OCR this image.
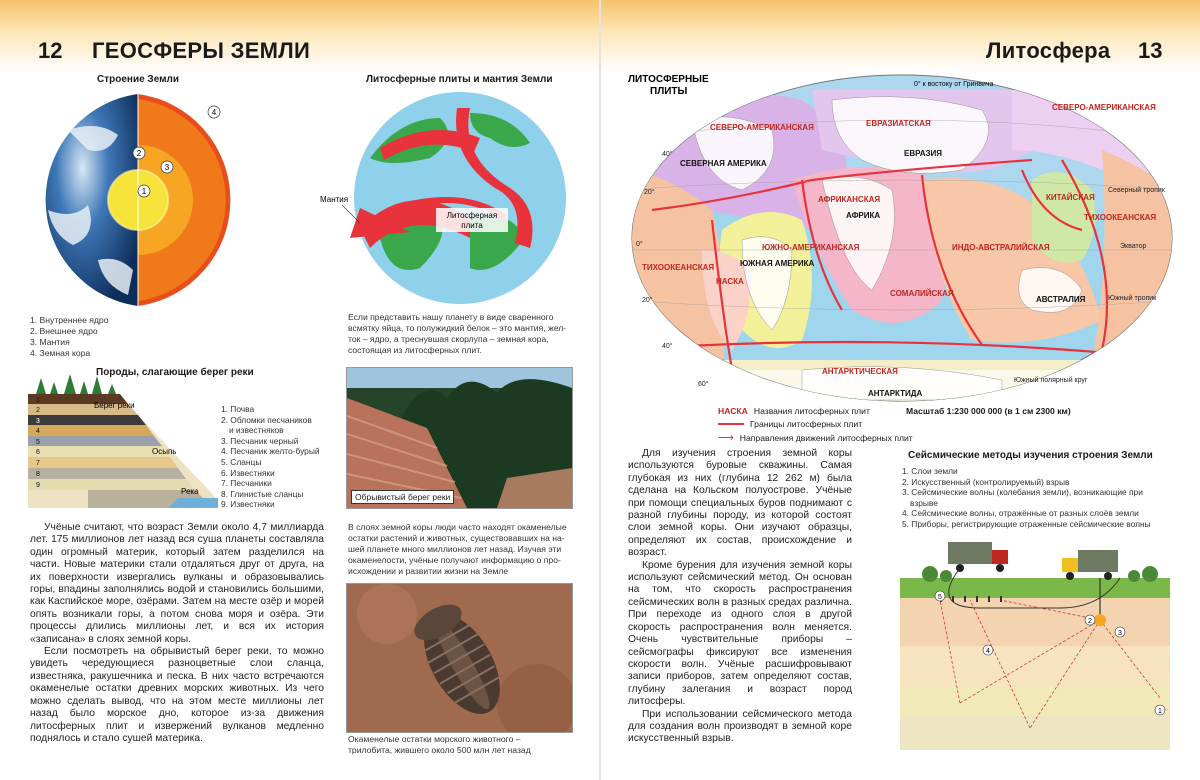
12 ГЕОСФЕРЫ ЗЕМЛИ
Строение Земли
1
2
3
4
1. Внутреннее ядро
2. Внешнее ядро
3. Мантия
4. Земная кора
Литосферные плиты и мантия Земли
Литосферная
плита
Мантия
Если представить нашу планету в виде сваренного
всмятку яйца, то полужидкий белок – это мантия, жел-
ток – ядро, а треснувшая скорлупа – земная кора,
состоящая из литосферных плит.
Породы, слагающие берег реки
1
2
3
4
5
6
7
8
9
Берег реки
Осыпь
Река
1. Почва
2. Обломки песчаников
и известняков
3. Песчаник черный
4. Песчаник желто-бурый
5. Сланцы
6. Известняки
7. Песчаники
8. Глинистые сланцы
9. Известняки
Обрывистый берег реки

Учёные считают, что возраст Земли около 4,7 миллиарда лет. 175 миллионов лет назад вся суша планеты составляла один огромный материк, который затем разделился на части. Новые материки стали отдаляться друг от друга, на их поверхности извергались вулканы и образовывались горы, впадины заполнялись водой и становились большими, как Каспийское море, озёрами. Затем на месте озёр и морей опять возникали горы, а потом снова моря и озёра. Эти процессы длились миллионы лет, и вся их история «записана» в слоях земной коры.

Если посмотреть на обрывистый берег реки, то можно увидеть чередующиеся разноцветные слои сланца, известняка, ракушечника и песка. В них часто встречаются окаменелые остатки древних морских животных. Из чего можно сделать вывод, что на этом месте миллионы лет назад было морское дно, которое из-за движения литосферных плит и извержений вулканов медленно поднялось и стало сушей материка.

В слоях земной коры люди часто находят окаменелые
остатки растений и животных, существовавших на на-
шей планете много миллионов лет назад. Изучая эти
окаменелости, учёные получают информацию о про-
исхождении и развитии жизни на Земле
Окаменелые остатки морского животного –
трилобита, жившего около 500 млн лет назад
Литосфера 13
ЛИТОСФЕРНЫЕ
ПЛИТЫ
0° к востоку от Гринвича
СЕВЕРО-АМЕРИКАНСКАЯ	ЕВРАЗИАТСКАЯ
СЕВЕРО-АМЕРИКАНСКАЯ
АФРИКАНСКАЯ
ЮЖНО-АМЕРИКАНСКАЯ	ИНДО-АВСТРАЛИЙСКАЯ
ТИХООКЕАНСКАЯ
ТИХООКЕАНСКАЯ
НАСКА
АНТАРКТИЧЕСКАЯ
СОМАЛИЙСКАЯ
КИТАЙСКАЯ
СЕВЕРНАЯ АМЕРИКА
ЕВРАЗИЯ
АФРИКА
ЮЖНАЯ АМЕРИКА
АВСТРАЛИЯ
АНТАРКТИДА
Северный тропик
Экватор
Южный тропик
Южный полярный круг
40°
20°
0°
20°
40°
60°
НАСКА Названия литосферных плит	Масштаб 1:230 000 000 (в 1 см 2300 км)
Границы литосферных плит
⟶ Направления движений литосферных плит

Для изучения строения земной коры используются буровые скважины. Самая глубокая из них (глубина 12 262 м) была сделана на Кольском полуострове. Учёные при помощи специальных буров поднимают с разной глубины породу, из которой состоят слои земной коры. Они изучают образцы, определяют их состав, происхождение и возраст.

Кроме бурения для изучения земной коры используют сейсмический метод. Он основан на том, что скорость распространения сейсмических волн в разных средах различна. При переходе из одного слоя в другой скорость распространения волн меняется. Очень чувствительные приборы – сейсмографы фиксируют все изменения скорости волн. Учёные расшифровывают записи приборов, затем определяют состав, глубину залегания и возраст пород литосферы.

При использовании сейсмического метода для создания волн производят в земной коре искусственный взрыв.

Сейсмические методы изучения строения Земли
1. Слои земли
2. Искусственный (контролируемый) взрыв
3. Сейсмические волны (колебания земли), возникающие при
взрыве
4. Сейсмические волны, отражённые от разных слоёв земли
5. Приборы, регистрирующие отраженные сейсмические волны
5
2
3
4
1
